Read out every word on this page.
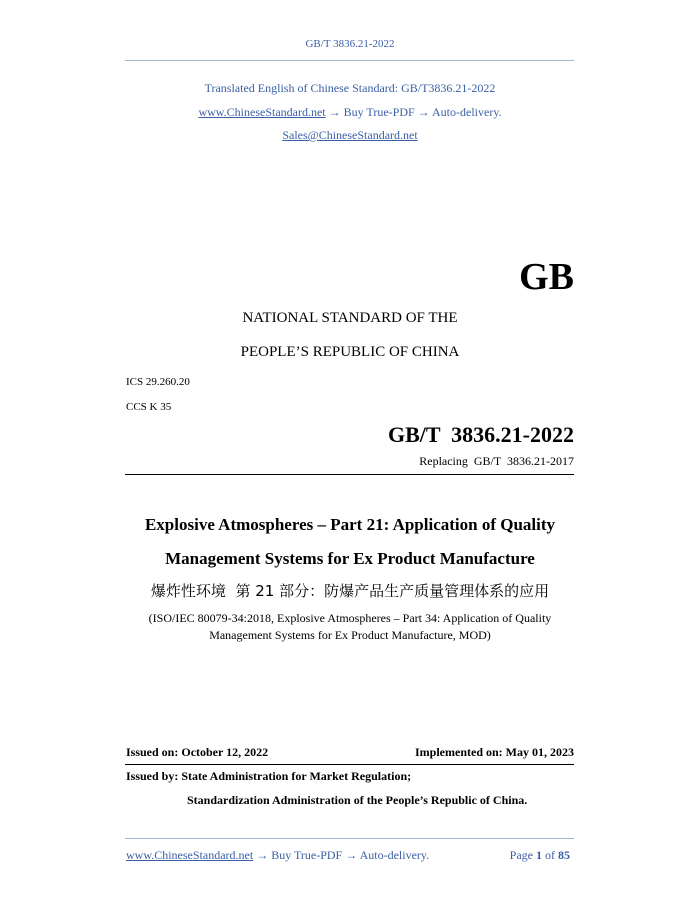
GB/T 3836.21-2022
Translated English of Chinese Standard: GB/T3836.21-2022
www.ChineseStandard.net → Buy True-PDF → Auto-delivery.
Sales@ChineseStandard.net
GB
NATIONAL STANDARD OF THE
PEOPLE’S REPUBLIC OF CHINA
ICS 29.260.20
CCS K 35
GB/T  3836.21-2022
Replacing  GB/T  3836.21-2017
Explosive Atmospheres – Part 21: Application of Quality
Management Systems for Ex Product Manufacture
爆炸性环境  第 21 部分：防爆产品生产质量管理体系的应用
(ISO/IEC 80079-34:2018, Explosive Atmospheres – Part 34: Application of Quality
Management Systems for Ex Product Manufacture, MOD)
Issued on: October 12, 2022	Implemented on: May 01, 2023
Issued by: State Administration for Market Regulation;
Standardization Administration of the People’s Republic of China.
www.ChineseStandard.net → Buy True-PDF → Auto-delivery.	Page 1 of 85
